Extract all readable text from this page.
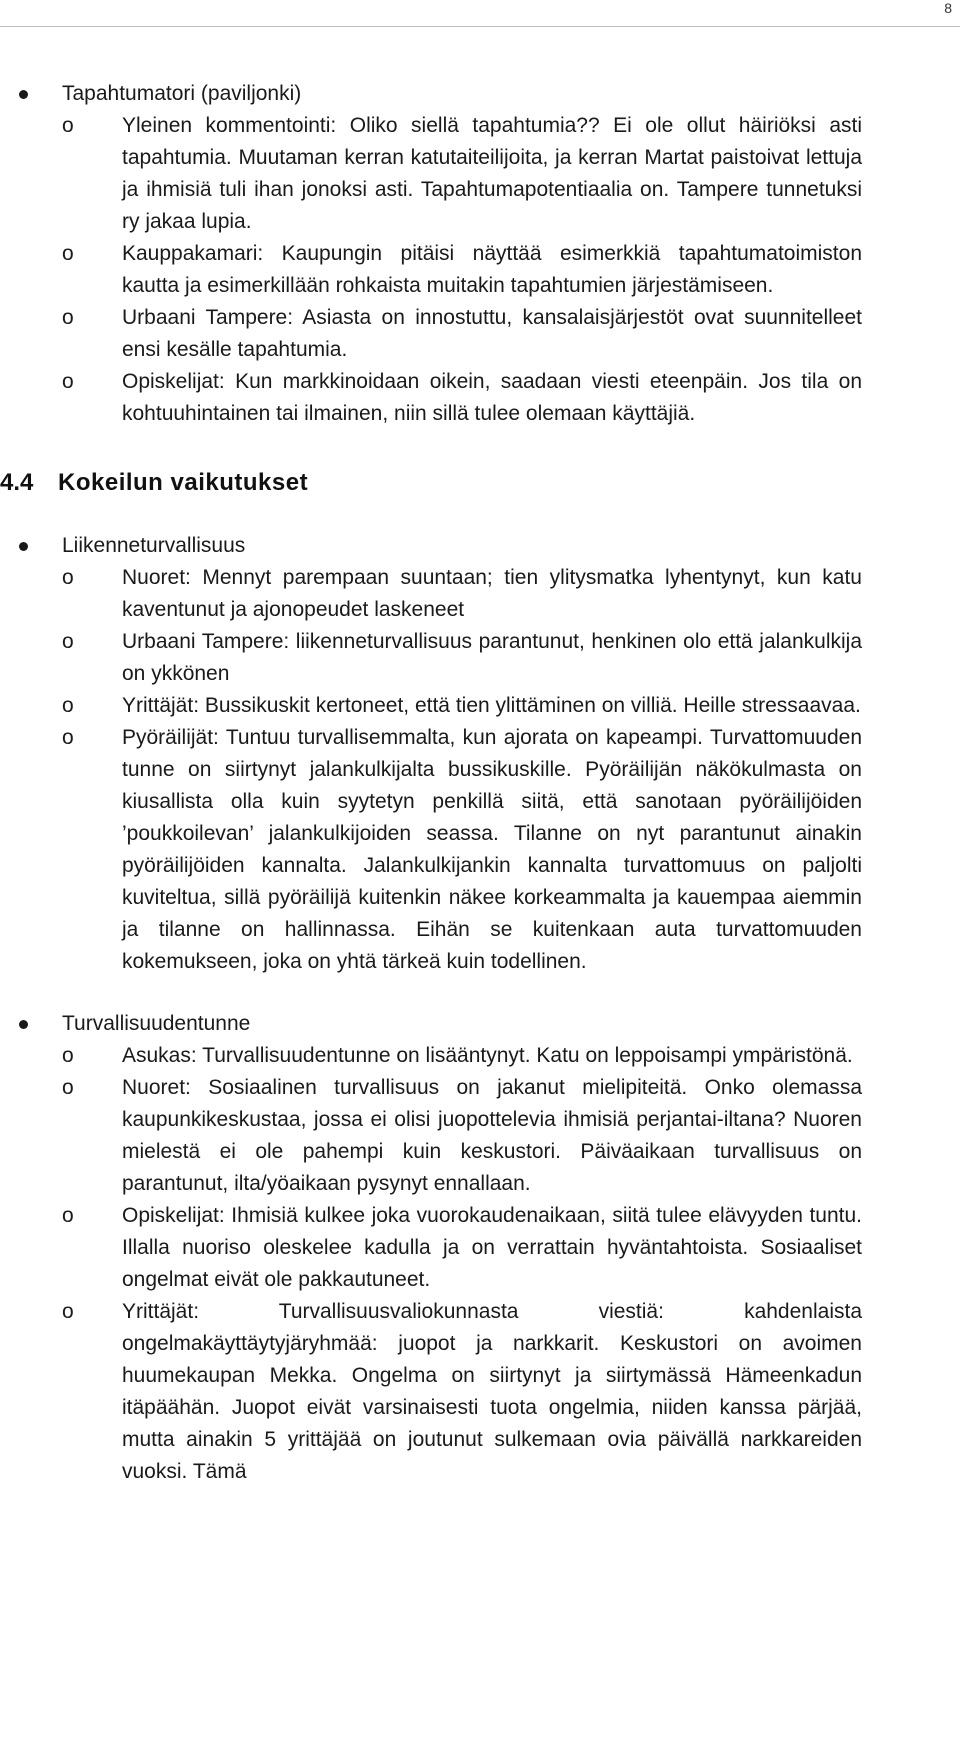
8
Tapahtumatori (paviljonki)
o	Yleinen kommentointi: Oliko siellä tapahtumia?? Ei ole ollut häiriöksi asti tapahtumia. Muutaman kerran katutaiteilijoita, ja kerran Martat paistoivat lettuja ja ihmisiä tuli ihan jonoksi asti. Tapahtumapotentiaalia on. Tampere tunnetuksi ry jakaa lupia.
o	Kauppakamari: Kaupungin pitäisi näyttää esimerkkiä tapahtumatoimiston kautta ja esimerkillään rohkaista muitakin tapahtumien järjestämiseen.
o	Urbaani Tampere: Asiasta on innostuttu, kansalaisjärjestöt ovat suunnitelleet ensi kesälle tapahtumia.
o	Opiskelijat: Kun markkinoidaan oikein, saadaan viesti eteenpäin. Jos tila on kohtuuhintainen tai ilmainen, niin sillä tulee olemaan käyttäjiä.
4.4 Kokeilun vaikutukset
Liikenneturvallisuus
o	Nuoret: Mennyt parempaan suuntaan; tien ylitysmatka lyhentynyt, kun katu kaventunut ja ajonopeudet laskeneet
o	Urbaani Tampere: liikenneturvallisuus parantunut, henkinen olo että jalankulkija on ykkönen
o	Yrittäjät: Bussikuskit kertoneet, että tien ylittäminen on villiä. Heille stressaavaa.
o	Pyöräilijät: Tuntuu turvallisemmalta, kun ajorata on kapeampi. Turvattomuuden tunne on siirtynyt jalankulkijalta bussikuskille. Pyöräilijän näkökulmasta on kiusallista olla kuin syytetyn penkillä siitä, että sanotaan pyöräilijöiden ’poukkoilevan’ jalankulkijoiden seassa. Tilanne on nyt parantunut ainakin pyöräilijöiden kannalta. Jalankulkijankin kannalta turvattomuus on paljolti kuviteltua, sillä pyöräilijä kuitenkin näkee korkeammalta ja kauempaa aiemmin ja tilanne on hallinnassa. Eihän se kuitenkaan auta turvattomuuden kokemukseen, joka on yhtä tärkeä kuin todellinen.
Turvallisuudentunne
o	Asukas: Turvallisuudentunne on lisääntynyt. Katu on leppoisampi ympäristönä.
o	Nuoret: Sosiaalinen turvallisuus on jakanut mielipiteitä. Onko olemassa kaupunkikeskustaa, jossa ei olisi juopottelevia ihmisiä perjantai-iltana? Nuoren mielestä ei ole pahempi kuin keskustori. Päiväaikaan turvallisuus on parantunut, ilta/yöaikaan pysynyt ennallaan.
o	Opiskelijat: Ihmisiä kulkee joka vuorokaudenaikaan, siitä tulee elävyyden tuntu. Illalla nuoriso oleskelee kadulla ja on verrattain hyväntahtoista. Sosiaaliset ongelmat eivät ole pakkautuneet.
o	Yrittäjät: Turvallisuusvaliokunnasta viestiä: kahdenlaista ongelmakäyttäytyjäryhmää: juopot ja narkkarit. Keskustori on avoimen huumekaupan Mekka. Ongelma on siirtynyt ja siirtymässä Hämeenkadun itäpäähän. Juopot eivät varsinaisesti tuota ongelmia, niiden kanssa pärjää, mutta ainakin 5 yrittäjää on joutunut sulkemaan ovia päivällä narkkareiden vuoksi. Tämä
